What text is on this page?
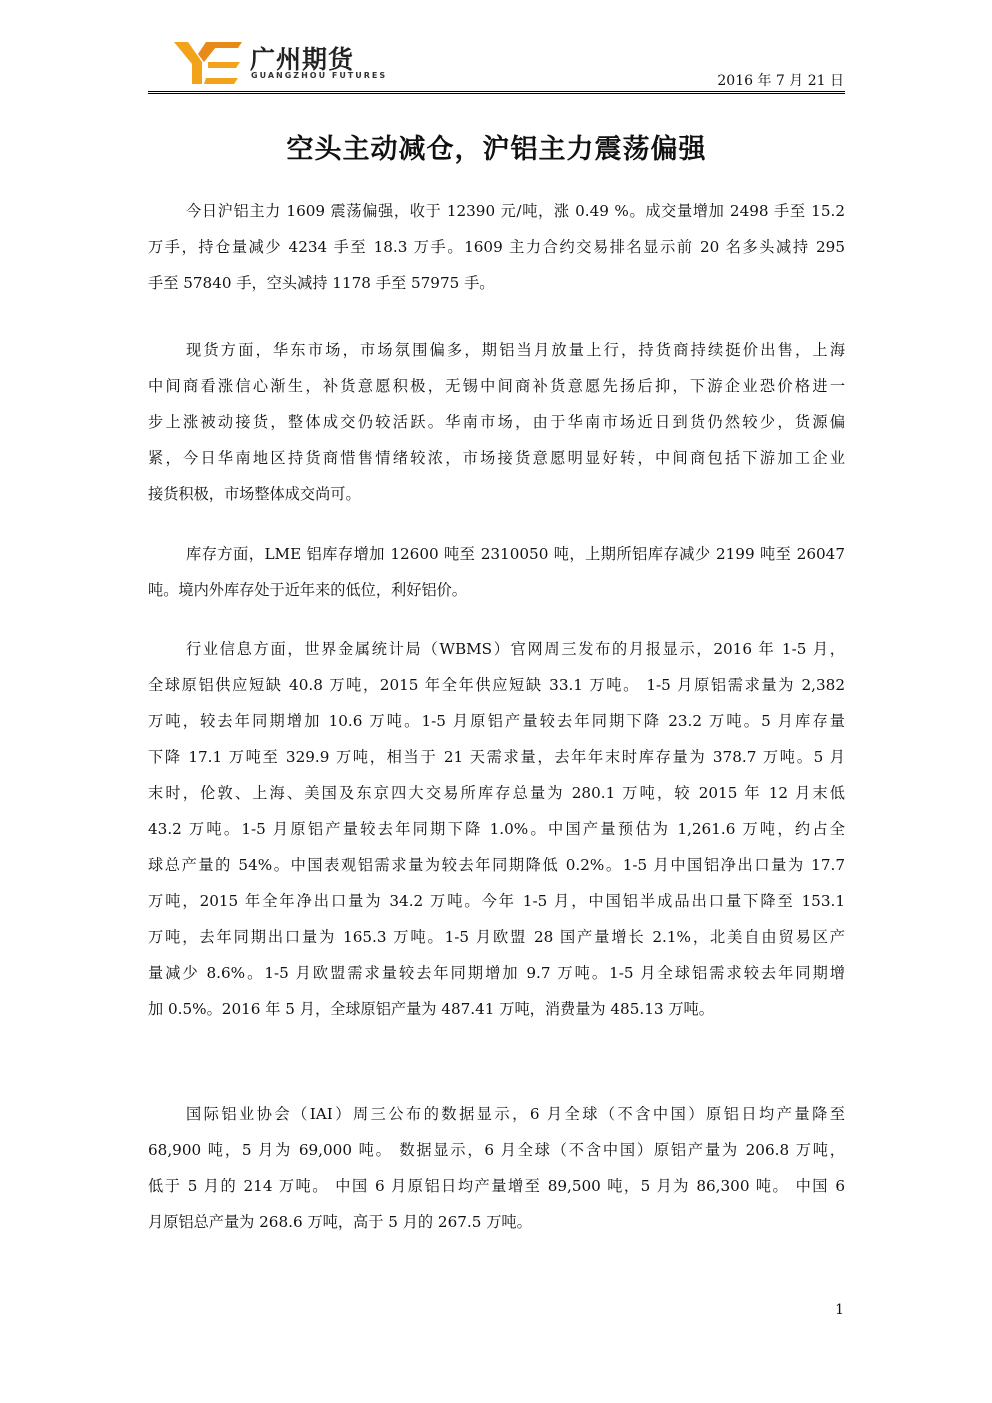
广州期货
GUANGZHOU FUTURES	2016 年 7 月 21 日
空头主动减仓，沪铝主力震荡偏强
今日沪铝主力 1609 震荡偏强，收于 12390 元/吨，涨 0.49 %。成交量增加 2498 手至 15.2
万手，持仓量减少 4234 手至 18.3 万手。1609 主力合约交易排名显示前 20 名多头减持 295
手至 57840 手，空头减持 1178 手至 57975 手。
现货方面，华东市场，市场氛围偏多，期铝当月放量上行，持货商持续挺价出售，上海
中间商看涨信心渐生，补货意愿积极，无锡中间商补货意愿先扬后抑，下游企业恐价格进一
步上涨被动接货，整体成交仍较活跃。华南市场，由于华南市场近日到货仍然较少，货源偏
紧，今日华南地区持货商惜售情绪较浓，市场接货意愿明显好转，中间商包括下游加工企业
接货积极，市场整体成交尚可。
库存方面，LME 铝库存增加 12600 吨至 2310050 吨，上期所铝库存减少 2199 吨至 26047
吨。境内外库存处于近年来的低位，利好铝价。
行业信息方面，世界金属统计局（WBMS）官网周三发布的月报显示，2016 年 1-5 月，
全球原铝供应短缺 40.8 万吨，2015 年全年供应短缺 33.1 万吨。 1-5 月原铝需求量为 2,382
万吨，较去年同期增加 10.6 万吨。1-5 月原铝产量较去年同期下降 23.2 万吨。5 月库存量
下降 17.1 万吨至 329.9 万吨，相当于 21 天需求量，去年年末时库存量为 378.7 万吨。5 月
末时，伦敦、上海、美国及东京四大交易所库存总量为 280.1 万吨，较 2015 年 12 月末低
43.2 万吨。1-5 月原铝产量较去年同期下降 1.0%。中国产量预估为 1,261.6 万吨，约占全
球总产量的 54%。中国表观铝需求量为较去年同期降低 0.2%。1-5 月中国铝净出口量为 17.7
万吨，2015 年全年净出口量为 34.2 万吨。今年 1-5 月，中国铝半成品出口量下降至 153.1
万吨，去年同期出口量为 165.3 万吨。1-5 月欧盟 28 国产量增长 2.1%，北美自由贸易区产
量减少 8.6%。1-5 月欧盟需求量较去年同期增加 9.7 万吨。1-5 月全球铝需求较去年同期增
加 0.5%。2016 年 5 月，全球原铝产量为 487.41 万吨，消费量为 485.13 万吨。
国际铝业协会（IAI）周三公布的数据显示，6 月全球（不含中国）原铝日均产量降至
68,900 吨，5 月为 69,000 吨。 数据显示，6 月全球（不含中国）原铝产量为 206.8 万吨，
低于 5 月的 214 万吨。 中国 6 月原铝日均产量增至 89,500 吨，5 月为 86,300 吨。 中国 6
月原铝总产量为 268.6 万吨，高于 5 月的 267.5 万吨。
1
